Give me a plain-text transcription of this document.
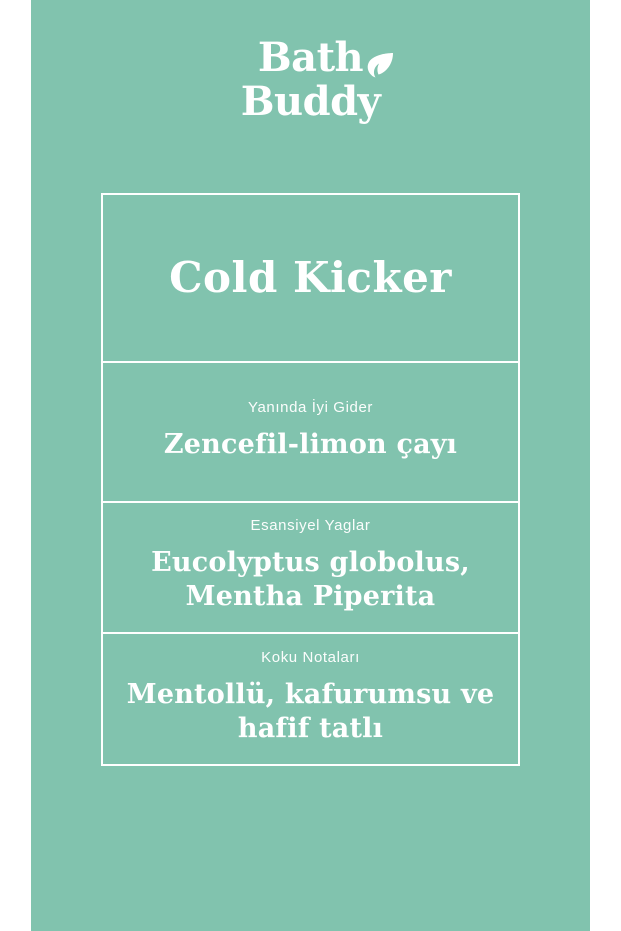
Bath
Buddy
Cold Kicker
Yanında İyi Gider
Zencefil-limon çayı
Esansiyel Yaglar
Eucolyptus globolus, Mentha Piperita
Koku Notaları
Mentollü, kafurumsu ve hafif tatlı
